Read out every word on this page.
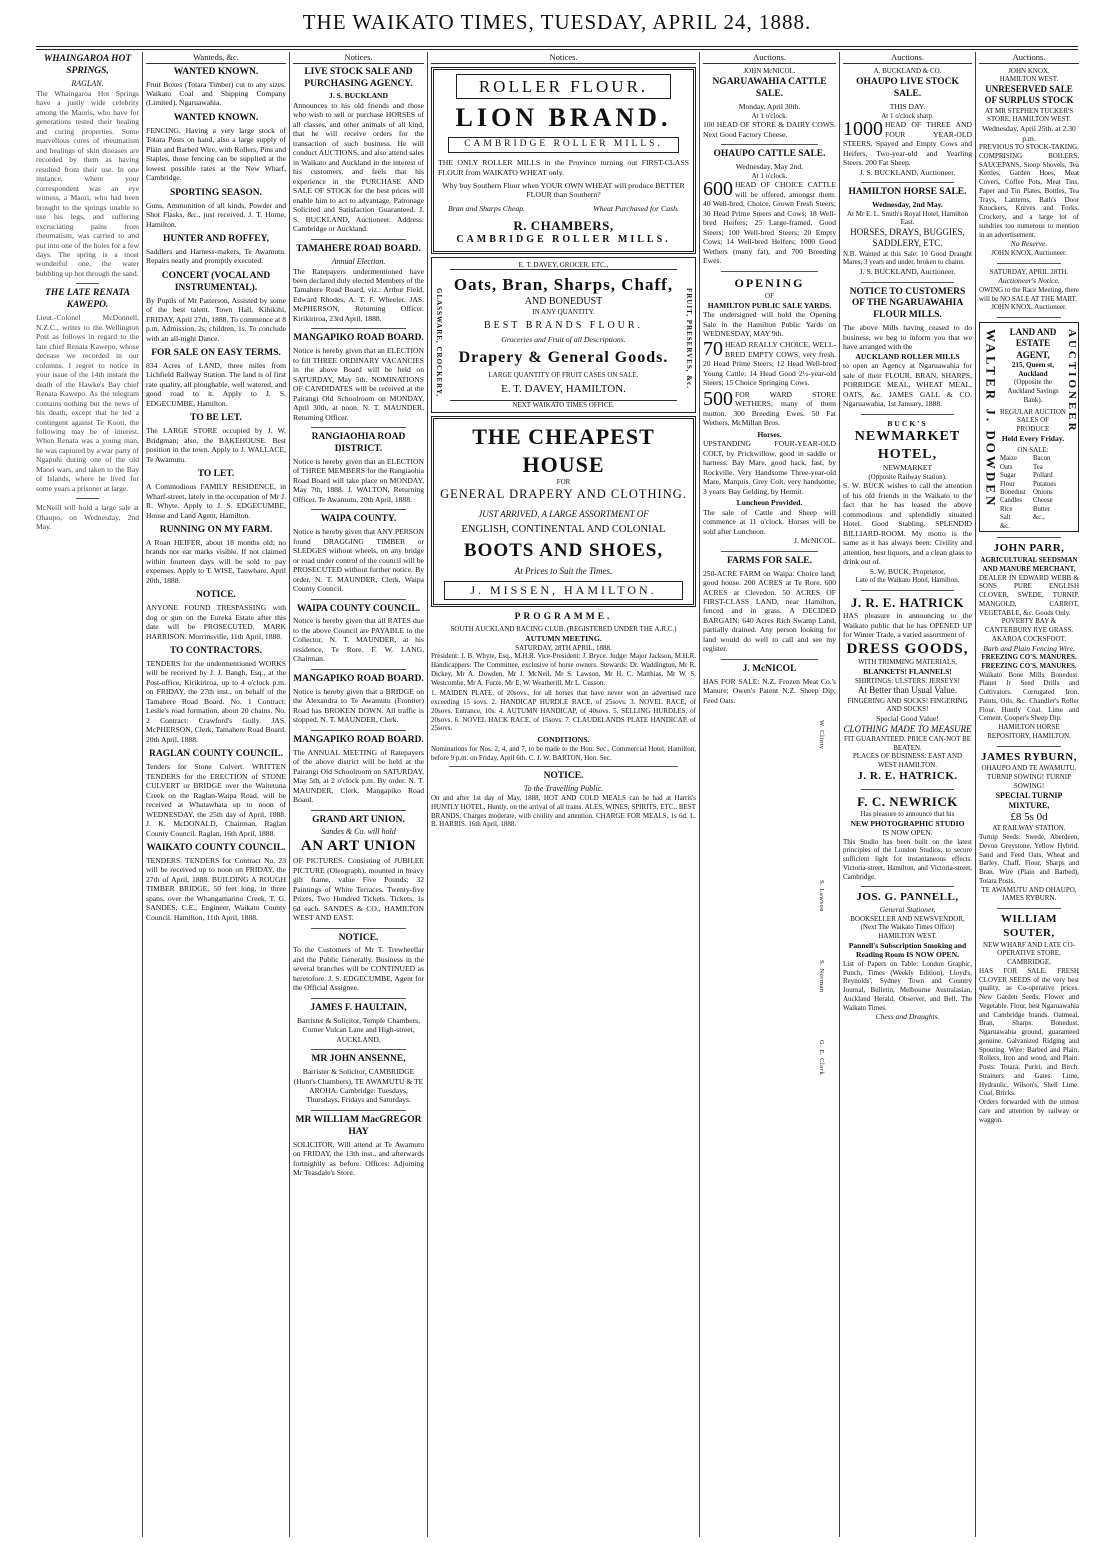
THE WAIKATO TIMES, TUESDAY, APRIL 24, 1888.
WHAINGAROA HOT SPRINGS,
RAGLAN.
The Whaingaroa Hot Springs have a justly wide celebrity among the Maoris, who have for generations tested their healing and curing properties. Some marvellous cures of rheumatism and healings of skin diseases are recorded by them as having resulted from their use. In one instance, where your correspondent was an eye witness, a Maori, who had been brought to the springs unable to use his legs, and suffering excruciating pains from rheumatism, was carried to and put into one of the holes for a few days. The spring is a most wonderful one, the water bubbling up hot through the sand.
THE LATE RENATA KAWEPO.
Lieut.-Colonel McDonnell, N.Z.C., writes to the Wellington Post as follows in regard to the late chief Renata Kawepo, whose decease we recorded in our columns. I regret to notice in your issue of the 14th instant the death of the Hawke's Bay chief Renata Kawepo. As the telegram contains nothing but the news of his death, except that he led a contingent against Te Kooti, the following may be of interest. When Renata was a young man, he was captured by a war party of Ngapuhi during one of the old Maori wars, and taken to the Bay of Islands, where he lived for some years a prisoner at large.
McNeill will hold a large sale at Ohaupo, on Wednesday, 2nd May.
Wanteds, &c.
WANTED KNOWN.
Fruit Boxes (Totara Timber) cut to any sizes. Waikato Coal and Shipping Company (Limited), Ngaruawahia.
WANTED KNOWN.
FENCING. Having a very large stock of Totara Posts on hand, also a large supply of Plain and Barbed Wire, with Rollers, Pins and Staples, those fencing can be supplied at the lowest possible rates at the New Wharf, Cambridge.
SPORTING SEASON.
Guns, Ammunition of all kinds, Powder and Shot Flasks, &c., just received. J. T. Horne, Hamilton.
HUNTER AND ROFFEY,
Saddlers and Harness-makers, Te Awamutu. Repairs neatly and promptly executed.
CONCERT (VOCAL AND INSTRUMENTAL).
By Pupils of Mr Patterson, Assisted by some of the best talent. Town Hall, Kihikihi, FRIDAY, April 27th, 1888. To commence at 8 p.m. Admission, 2s; children, 1s. To conclude with an all-night Dance.
FOR SALE ON EASY TERMS.
834 Acres of LAND, three miles from Lichfield Railway Station. The land is of first rate quality, all ploughable, well watered, and good road to it. Apply to J. S. EDGECUMBE, Hamilton.
TO BE LET.
The LARGE STORE occupied by J. W. Bridgman; also, the BAKEHOUSE. Best position in the town. Apply to J. WALLACE, Te Awamutu.
TO LET.
A Commodious FAMILY RESIDENCE, in Wharf-street, lately in the occupation of Mr J. R. Whyte. Apply to J. S. EDGECUMBE, House and Land Agent, Hamilton.
RUNNING ON MY FARM.
A Roan HEIFER, about 18 months old; no brands nor ear marks visible. If not claimed within fourteen days will be sold to pay expenses. Apply to T. WISE, Tauwhare. April 20th, 1888.
NOTICE.
ANYONE FOUND TRESPASSING with dog or gun on the Eureka Estate after this date will be PROSECUTED. MARK HARRISON. Morrinsville, 11th April, 1888.
TO CONTRACTORS.
TENDERS for the undermentioned WORKS will be received by J. J. Bangh, Esq., at the Post-office, Kirikiriroa, up to 4 o'clock p.m. on FRIDAY, the 27th inst., on behalf of the Tamahere Road Board. No. 1 Contract: Leslie's road formation, about 20 chains. No. 2 Contract: Crawford's Gully. JAS. McPHERSON, Clerk, Tamahere Road Board. 20th April, 1888.
RAGLAN COUNTY COUNCIL.
Tenders for Stone Culvert. WRITTEN TENDERS for the ERECTION of STONE CULVERT or BRIDGE over the Waitetuna Creek on the Raglan-Waipa Road, will be received at Whatawhata up to noon of WEDNESDAY, the 25th day of April, 1888. J. K. McDONALD, Chairman, Raglan County Council. Raglan, 16th April, 1888.
WAIKATO COUNTY COUNCIL.
TENDERS. TENDERS for Contract No. 23 will be received up to noon on FRIDAY, the 27th of April, 1888. BUILDING A ROUGH TIMBER BRIDGE, 50 feet long, in three spans, over the Whangamarino Creek. T. G. SANDES, C.E., Engineer, Waikato County Council. Hamilton, 11th April, 1888.
Notices.
LIVE STOCK SALE AND PURCHASING AGENCY.
J. S. BUCKLAND
Announces to his old friends and those who wish to sell or purchase HORSES of all classes, and other animals of all kind, that he will receive orders for the transaction of such business. He will conduct AUCTIONS, and also attend sales in Waikato and Auckland in the interest of his customers, and feels that his experience in the PURCHASE AND SALE OF STOCK for the best prices will enable him to act to advantage. Patronage Solicited and Satisfaction Guaranteed. J. S. BUCKLAND, Auctioneer. Address: Cambridge or Auckland.
TAMAHERE ROAD BOARD.
Annual Election.
The Ratepayers undermentioned have been declared duly elected Members of the Tamahere Road Board, viz.: Arthur Field, Edward Rhodes, A. T. F. Wheeler. JAS. McPHERSON, Returning Officer. Kirikiriroa, 23rd April, 1888.
MANGAPIKO ROAD BOARD.
Notice is hereby given that an ELECTION to fill THREE ORDINARY VACANCIES in the above Board will be held on SATURDAY, May 5th. NOMINATIONS OF CANDIDATES will be received at the Pairangi Old Schoolroom on MONDAY, April 30th, at noon. N. T. MAUNDER, Returning Officer.
RANGIAOHIA ROAD DISTRICT.
Notice is hereby given that an ELECTION of THREE MEMBERS for the Rangiaohia Road Board will take place on MONDAY, May 7th, 1888. J. WALTON, Returning Officer. Te Awamutu, 20th April, 1888.
WAIPA COUNTY.
Notice is hereby given that ANY PERSON found DRAGGING TIMBER or SLEDGES without wheels, on any bridge or road under control of the council will be PROSECUTED without further notice. By order, N. T. MAUNDER, Clerk, Waipa County Council.
WAIPA COUNTY COUNCIL.
Notice is hereby given that all RATES due to the above Council are PAYABLE to the Collector, N. T. MAUNDER, at his residence, Te Rore. F. W. LANG, Chairman.
MANGAPIKO ROAD BOARD.
Notice is hereby given that a BRIDGE on the Alexandra to Te Awamutu (Frontier) Road has BROKEN DOWN. All traffic is stopped. N. T. MAUNDER, Clerk.
MANGAPIKO ROAD BOARD.
The ANNUAL MEETING of Ratepayers of the above district will be held at the Pairangi Old Schoolroom on SATURDAY, May 5th, at 2 o'clock p.m. By order. N. T. MAUNDER, Clerk, Mangapiko Road Board.
GRAND ART UNION.
Sandes & Co. will hold
AN ART UNION
OF PICTURES. Consisting of JUBILEE PICTURE (Oleograph), mounted in heavy gilt frame, value Five Pounds; 32 Paintings of White Terraces. Twenty-five Prizes, Two Hundred Tickets. Tickets, 1s 6d each. SANDES & CO., HAMILTON WEST AND EAST.
NOTICE.
To the Customers of Mr T. Trewheellar and the Public Generally. Business in the several branches will be CONTINUED as heretofore. J. S. EDGECUMBE, Agent for the Official Assignee.
JAMES F. HAULTAIN,
Barrister & Solicitor, Temple Chambers, Corner Vulcan Lane and High-street, AUCKLAND.
MR JOHN ANSENNE,
Barrister & Solicitor, CAMBRIDGE (Hunt's Chambers), TE AWAMUTU & TE AROHA. Cambridge: Tuesdays, Thursdays, Fridays and Saturdays.
MR WILLIAM MacGREGOR HAY
SOLICITOR, Will attend at Te Awamutu on FRIDAY, the 13th inst., and afterwards fortnightly as before. Offices: Adjoining Mr Teasdale's Store.
Notices.
ROLLER FLOUR.
LION BRAND.
CAMBRIDGE ROLLER MILLS.
THE ONLY ROLLER MILLS in the Province turning out FIRST-CLASS FLOUR from WAIKATO WHEAT only.
Why buy Southern Flour when YOUR OWN WHEAT will produce BETTER FLOUR than Southern?
Bran and Sharps Cheap.	Wheat Purchased for Cash.
R. CHAMBERS,
CAMBRIDGE ROLLER MILLS.
GLASSWARE, CROCKERY,	FRUIT, PRESERVES, &c.
E. T. DAVEY, GROCER, ETC.,
Oats, Bran, Sharps, Chaff,
AND BONEDUST
IN ANY QUANTITY.
BEST BRANDS FLOUR.
Groceries and Fruit of all Descriptions.
Drapery & General Goods.
LARGE QUANTITY OF FRUIT CASES ON SALE.
E. T. DAVEY, HAMILTON.
NEXT WAIKATO TIMES OFFICE.
THE CHEAPEST HOUSE
FOR
GENERAL DRAPERY AND CLOTHING.
JUST ARRIVED, A LARGE ASSORTMENT OF
ENGLISH, CONTINENTAL AND COLONIAL
BOOTS AND SHOES,
At Prices to Suit the Times.
J. MISSEN, HAMILTON.
PROGRAMME.
SOUTH AUCKLAND RACING CLUB. (REGISTERED UNDER THE A.R.C.)
AUTUMN MEETING.
SATURDAY, 28TH APRIL, 1888.
President: J. B. Whyte, Esq., M.H.R. Vice-President: J. Bryce. Judge: Major Jackson, M.H.R. Handicappers: The Committee, exclusive of horse owners. Stewards: Dr. Waddington, Mr R. Dickey, Mr A. Dowden, Mr J. McNeil, Mr S. Lawson, Mr H. C. Matthias, Mr W. S. Westcombe, Mr A. Furze, Mr E. W. Weatherill, Mr L. Cusson.
1. MAIDEN PLATE, of 20sovs., for all horses that have never won an advertised race exceeding 15 sovs. 2. HANDICAP HURDLE RACE, of 25sovs. 3. NOVEL RACE, of 20sovs. Entrance, 10s. 4. AUTUMN HANDICAP, of 40sovs. 5. SELLING HURDLES, of 20sovs. 6. NOVEL HACK RACE, of 15sovs. 7. CLAUDELANDS PLATE HANDICAP, of 25sovs.
CONDITIONS.
Nominations for Nos. 2, 4, and 7, to be made to the Hon. Sec., Commercial Hotel, Hamilton, before 9 p.m. on Friday, April 6th. C. J. W. BARTON, Hon. Sec.
NOTICE.
To the Travelling Public.
On and after 1st day of May, 1888, HOT AND COLD MEALS can be had at Harris's HUNTLY HOTEL, Huntly, on the arrival of all trains. ALES, WINES, SPIRITS, ETC., BEST BRANDS. Charges moderate, with civility and attention. CHARGE FOR MEALS, 1s 6d. L. B. HARRIS. 16th April, 1888.
Auctions.
JOHN McNICOL.
NGARUAWAHIA CATTLE SALE.
Monday, April 30th.
At 1 o'clock.
100 HEAD OF STORE & DAIRY COWS. Next Good Factory Cheese.
OHAUPO CATTLE SALE.
Wednesday, May 2nd.
At 1 o'clock.
600 HEAD OF CHOICE CATTLE will be offered, amongst them: 40 Well-bred, Choice, Grown Fresh Steers; 30 Head Prime Steers and Cows; 18 Well-bred Heifers; 25 Large-framed, Good Steers; 100 Well-bred Steers; 20 Empty Cows; 14 Well-bred Heifers; 1000 Good Wethers (many fat), and 700 Breeding Ewes.
OPENING
OF
HAMILTON PUBLIC SALE YARDS.
The undersigned will hold the Opening Sale in the Hamilton Public Yards on WEDNESDAY, MAY 9th.
70 HEAD REALLY CHOICE, WELL-BRED EMPTY COWS, very fresh. 20 Head Prime Steers; 12 Head Well-bred Young Cattle; 14 Head Good 2½-year-old Steers; 15 Choice Springing Cows.
500 FOR WARD STORE WETHERS, many of them mutton. 300 Breeding Ewes. 50 Fat Wethers, McMillan Bros.
Horses.
UPSTANDING FOUR-YEAR-OLD COLT, by Prickwillow, good in saddle or harness. Bay Mare, good hack, fast, by Rockville. Very Handsome Three-year-old Mare, Marquis. Grey Colt, very handsome, 3 years. Bay Gelding, by Hermit.
Luncheon Provided.
The sale of Cattle and Sheep will commence at 11 o'clock. Horses will be sold after Luncheon.
J. McNICOL.
FARMS FOR SALE.
250-ACRE FARM on Waipa: Choice land; good house. 200 ACRES at Te Rore. 600 ACRES at Clevedon. 50 ACRES OF FIRST-CLASS LAND, near Hamilton, fenced and in grass. A DECIDED BARGAIN: 640 Acres Rich Swamp Land, partially drained. Any person looking for land would do well to call and see my register.
J. McNICOL
HAS FOR SALE: N.Z. Frozen Meat Co.'s Manure; Owen's Patent N.Z. Sheep Dip; Feed Oats.
Auctions.
A. BUCKLAND & CO.
OHAUPO LIVE STOCK SALE.
THIS DAY.
At 1 o'clock sharp.
1000 HEAD OF THREE AND FOUR YEAR-OLD STEERS, Spayed and Empty Cows and Heifers, Two-year-old and Yearling Steers. 200 Fat Sheep.
J. S. BUCKLAND, Auctioneer.
HAMILTON HORSE SALE.
Wednesday, 2nd May.
At Mr E. L. Smith's Royal Hotel, Hamilton East.
HORSES, DRAYS, BUGGIES, SADDLERY, ETC.
N.B. Wanted at this Sale: 10 Good Draught Mares, 3 years and under, broken to chains.
J. S. BUCKLAND, Auctioneer.
NOTICE TO CUSTOMERS OF THE NGARUAWAHIA FLOUR MILLS.
The above Mills having ceased to do business, we beg to inform you that we have arranged with the
AUCKLAND ROLLER MILLS
to open an Agency at Ngaruawahia for sale of their FLOUR, BRAN, SHARPS, PORRIDGE MEAL, WHEAT MEAL, OATS, &c. JAMES GALL & CO. Ngaruawahia, 1st January, 1888.
BUCK'S
NEWMARKET HOTEL,
NEWMARKET
(Opposite Railway Station).
S. W. BUCK wishes to call the attention of his old friends in the Waikato to the fact that he has leased the above commodious and splendidly situated Hotel. Good Stabling. SPLENDID BILLIARD-ROOM. My motto is the same as it has always been: Civility and attention, best liquors, and a clean glass to drink out of.
S. W. BUCK, Proprietor,
Late of the Waikato Hotel, Hamilton.
J. R. E. HATRICK
HAS pleasure in announcing to the Waikato public that he has OPENED UP for Winter Trade, a varied assortment of
DRESS GOODS,
WITH TRIMMING MATERIALS,
BLANKETS! FLANNELS!
SHIRTINGS: ULSTERS: JERSEYS!
At Better than Usual Value.
FINGERING AND SOCKS! FINGERING AND SOCKS!
Special Good Value!
CLOTHING MADE TO MEASURE
FIT GUARANTEED. PRICE CAN-NOT BE BEATEN.
PLACES OF BUSINESS: EAST AND WEST HAMILTON.
J. R. E. HATRICK.
F. C. NEWRICK
Has pleasure to announce that his
NEW PHOTOGRAPHIC STUDIO
IS NOW OPEN.
This Studio has been built on the latest principles of the London Studios, to secure sufficient light for instantaneous effects. Victoria-street, Hamilton, and Victoria-street, Cambridge.
JOS. G. PANNELL,
General Stationer,
BOOKSELLER AND NEWSVENDOR, (Next The Waikato Times Office) HAMILTON WEST.
Pannell's Subscription Smoking and Reading Room IS NOW OPEN.
List of Papers on Table: London Graphic, Punch, Times (Weekly Edition), Lloyd's, Reynolds', Sydney Town and Country Journal, Bulletin, Melbourne Australasian, Auckland Herald, Observer, and Bell, The Waikato Times.
Chess and Draughts.
Auctions.
JOHN KNOX.
HAMILTON WEST.
UNRESERVED SALE OF SURPLUS STOCK
AT MR STEPHEN TUCKER'S STORE, HAMILTON WEST.
Wednesday, April 25th. at 2.30 p.m.
PREVIOUS TO STOCK-TAKING.
COMPRISING BOILERS, SAUCEPANS, Stoop Shovels, Tea Kettles, Garden Hoes, Meat Covers, Coffee Pots, Meat Tins, Paper and Tin Plates, Bottles, Tea Trays, Lanterns, Bath's Door Knockers, Knives and Forks, Crockery, and a large lot of sundries too numerous to mention in an advertisement.
No Reserve.
JOHN KNOX, Auctioneer.
SATURDAY, APRIL 28TH.
Auctioneer's Notice.
OWING to the Race Meeting, there will be NO SALE AT THE MART.
JOHN KNOX, Auctioneer.
WALTER J. DOWDEN	AUCTIONEER
LAND AND ESTATE AGENT,
215, Queen st, Auckland
(Opposite the Auckland Savings Bank).
REGULAR AUCTION SALES OF PRODUCE
Held Every Friday.
ON SALE:
Maize	Bacon
Oats	Tea
Sugar	Pollard
Flour	Potatoes
Bonedust	Onions
Candles	Cheese
Rice	Butter
Salt	&c.,
&c.
JOHN PARR,
AGRICULTURAL SEEDSMAN AND MANURE MERCHANT,
DEALER IN EDWARD WEBB & SONS PURE ENGLISH CLOVER, SWEDE, TURNIP, MANGOLD, CARROT, VEGETABLE, &c. Goods Only.
POVERTY BAY & CANTERBURY RYE GRASS. AKAROA COCKSFOOT.
Barb and Plain Fencing Wire.
FREEZING CO'S. MANURES. FREEZING CO'S. MANURES.
Waikato Bone Mills Bonedust. Planet Jr Seed Drills and Cultivators. Corrugated Iron. Paints, Oils, &c. Chandler's Roller Flour. Huntly Coal. Lime and Cement. Cooper's Sheep Dip.
HAMILTON HORSE REPOSITORY, HAMILTON.
JAMES RYBURN,
OHAUPO AND TE AWAMUTU.
TURNIP SOWING! TURNIP SOWING!
SPECIAL TURNIP MIXTURE,
£8 5s 0d
AT RAILWAY STATION.
Turnip Seeds: Swede, Aberdeen, Devon Greystone, Yellow Hybrid. Sand and Feed Oats, Wheat and Barley. Chaff, Flour, Sharps and Bran. Wire (Plain and Barbed), Totara Posts.
TE AWAMUTU AND OHAUPO, JAMES RYBURN.
WILLIAM SOUTER,
NEW WHARF AND LATE CO-OPERATIVE STORE, CAMBRIDGE,
HAS FOR SALE: FRESH CLOVER SEEDS of the very best quality, as Co-operative prices. New Garden Seeds, Flower and Vegetable. Flour, best Ngaruawahia and Cambridge brands. Oatmeal, Bran, Sharps. Bonedust, Ngaruawahia ground, guaranteed genuine. Galvanized Ridging and Spouting. Wire: Barbed and Plain, Rollers, Iron and wood, and Plain. Posts: Totara, Puriri, and Birch. Strainers and Gates. Lime, Hydraulic, Wilson's, Shell Lime. Coal, Bricks.
Orders forwarded with the utmost care and attention by railway or waggon.
W. Clinty
S. Lawson
S. Norman
G. E. Clark
